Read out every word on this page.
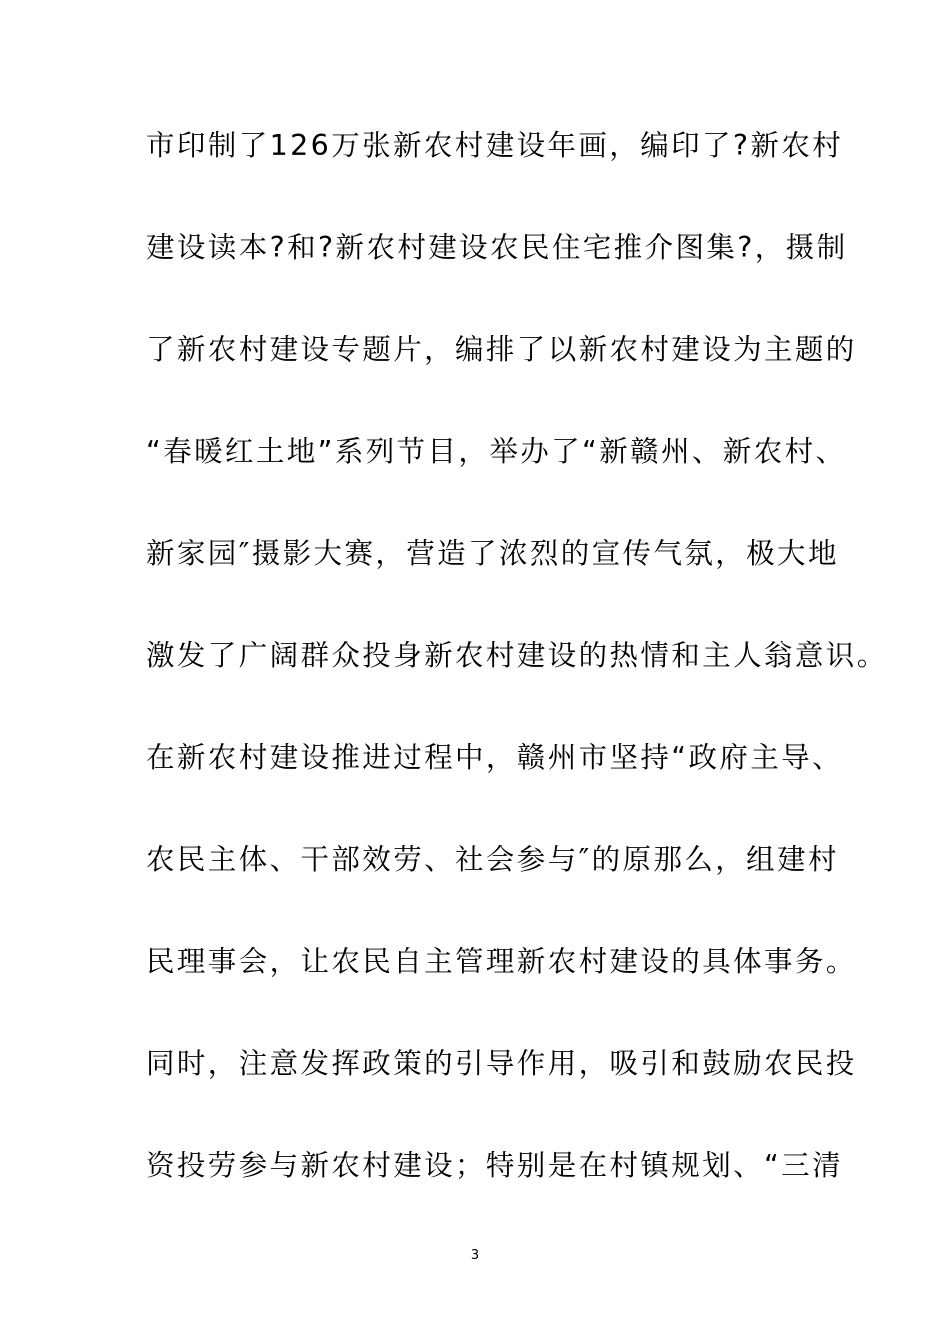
市印制了126万张新农村建设年画，编印了?新农村
建设读本?和?新农村建设农民住宅推介图集?，摄制
了新农村建设专题片，编排了以新农村建设为主题的
“春暖红土地”系列节目，举办了“新赣州、新农村、
新家园″摄影大赛，营造了浓烈的宣传气氛，极大地
激发了广阔群众投身新农村建设的热情和主人翁意识。
在新农村建设推进过程中，赣州市坚持“政府主导、
农民主体、干部效劳、社会参与″的原那么，组建村
民理事会，让农民自主管理新农村建设的具体事务。
同时，注意发挥政策的引导作用，吸引和鼓励农民投
资投劳参与新农村建设；特别是在村镇规划、“三清
3
